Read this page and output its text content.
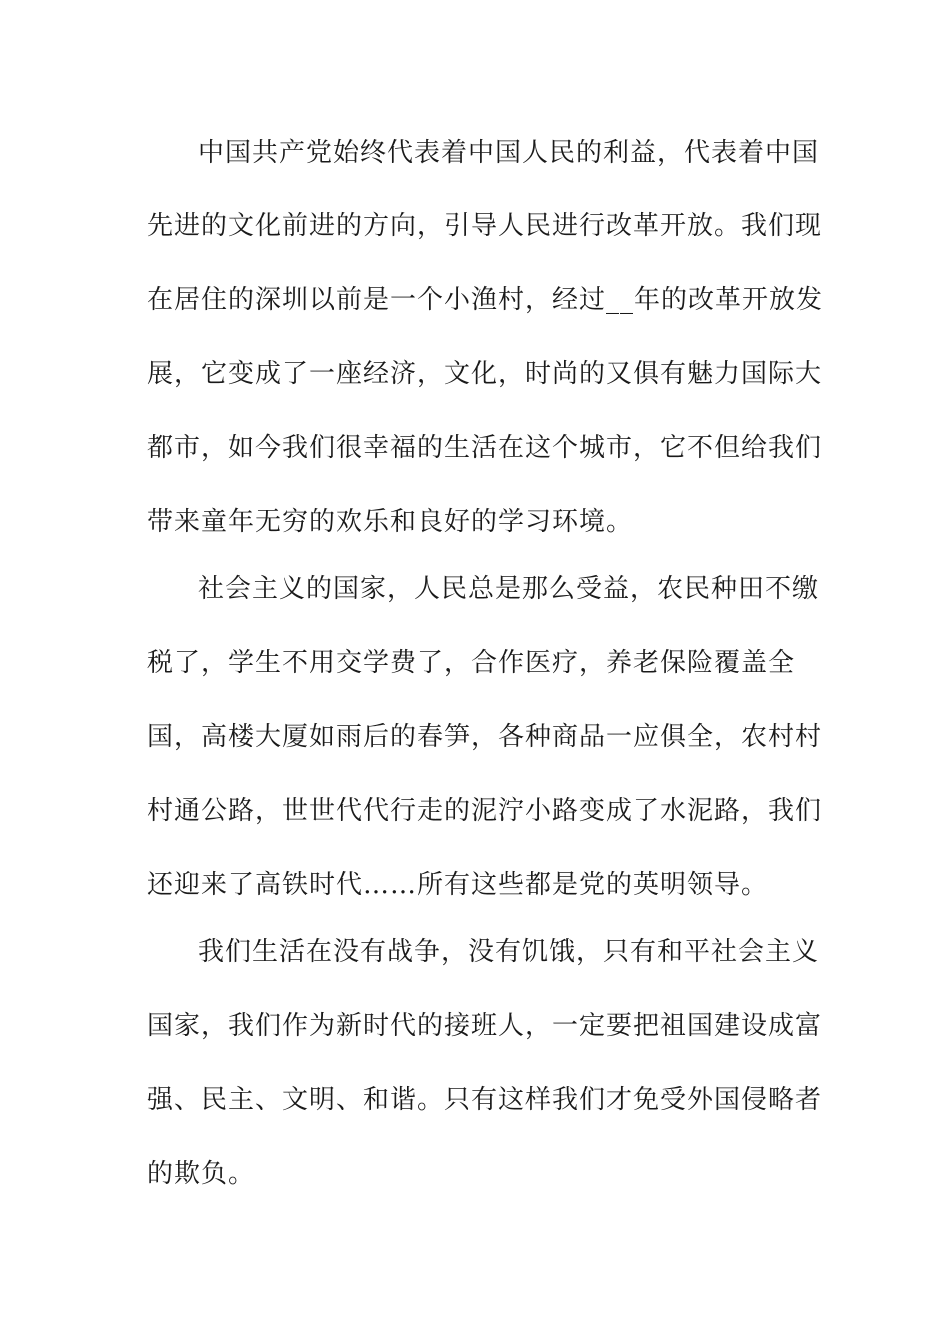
中国共产党始终代表着中国人民的利益，代表着中国
先进的文化前进的方向，引导人民进行改革开放。我们现
在居住的深圳以前是一个小渔村，经过__年的改革开放发
展，它变成了一座经济，文化，时尚的又俱有魅力国际大
都市，如今我们很幸福的生活在这个城市，它不但给我们
带来童年无穷的欢乐和良好的学习环境。
社会主义的国家，人民总是那么受益，农民种田不缴
税了，学生不用交学费了，合作医疗，养老保险覆盖全
国，高楼大厦如雨后的春笋，各种商品一应俱全，农村村
村通公路，世世代代行走的泥泞小路变成了水泥路，我们
还迎来了高铁时代……所有这些都是党的英明领导。
我们生活在没有战争，没有饥饿，只有和平社会主义
国家，我们作为新时代的接班人，一定要把祖国建设成富
强、民主、文明、和谐。只有这样我们才免受外国侵略者
的欺负。
